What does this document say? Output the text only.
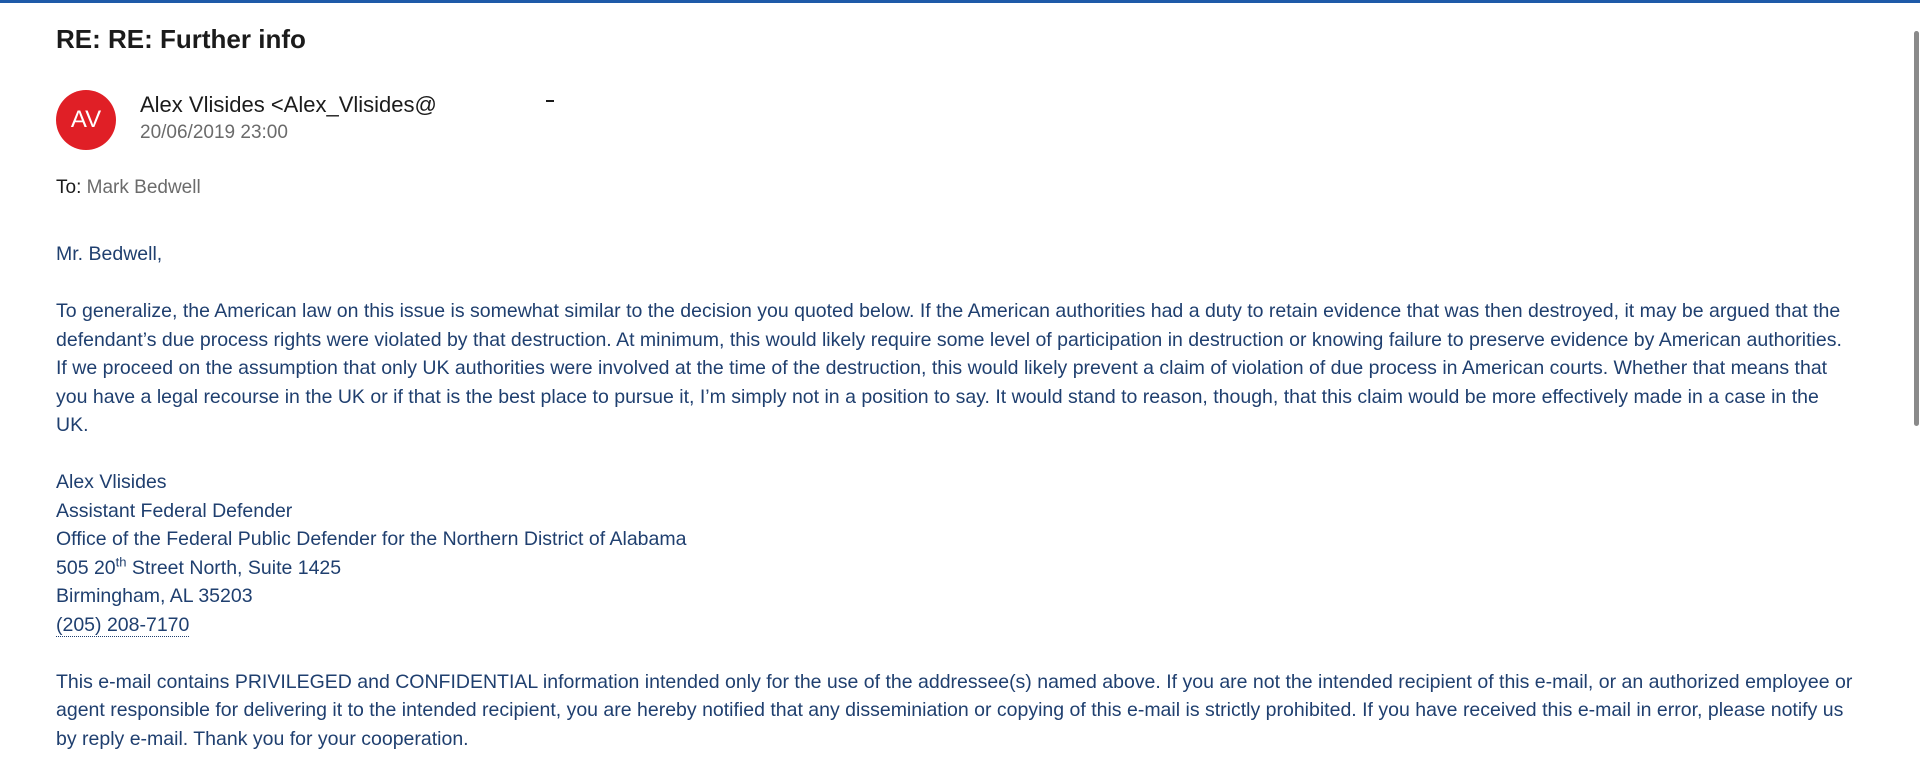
RE: RE: Further info
AV
Alex Vlisides <Alex_Vlisides@
20/06/2019 23:00
To: Mark Bedwell

Mr. Bedwell,

To generalize, the American law on this issue is somewhat similar to the decision you quoted below. If the American authorities had a duty to retain evidence that was then destroyed, it may be argued that the defendant’s due process rights were violated by that destruction. At minimum, this would likely require some level of participation in destruction or knowing failure to preserve evidence by American authorities. If we proceed on the assumption that only UK authorities were involved at the time of the destruction, this would likely prevent a claim of violation of due process in American courts. Whether that means that you have a legal recourse in the UK or if that is the best place to pursue it, I’m simply not in a position to say. It would stand to reason, though, that this claim would be more effectively made in a case in the UK.

Alex Vlisides
Assistant Federal Defender
Office of the Federal Public Defender for the Northern District of Alabama
505 20th Street North, Suite 1425
Birmingham, AL 35203
(205) 208-7170

This e-mail contains PRIVILEGED and CONFIDENTIAL information intended only for the use of the addressee(s) named above. If you are not the intended recipient of this e-mail, or an authorized employee or agent responsible for delivering it to the intended recipient, you are hereby notified that any disseminiation or copying of this e-mail is strictly prohibited. If you have received this e-mail in error, please notify us by reply e-mail. Thank you for your cooperation.
